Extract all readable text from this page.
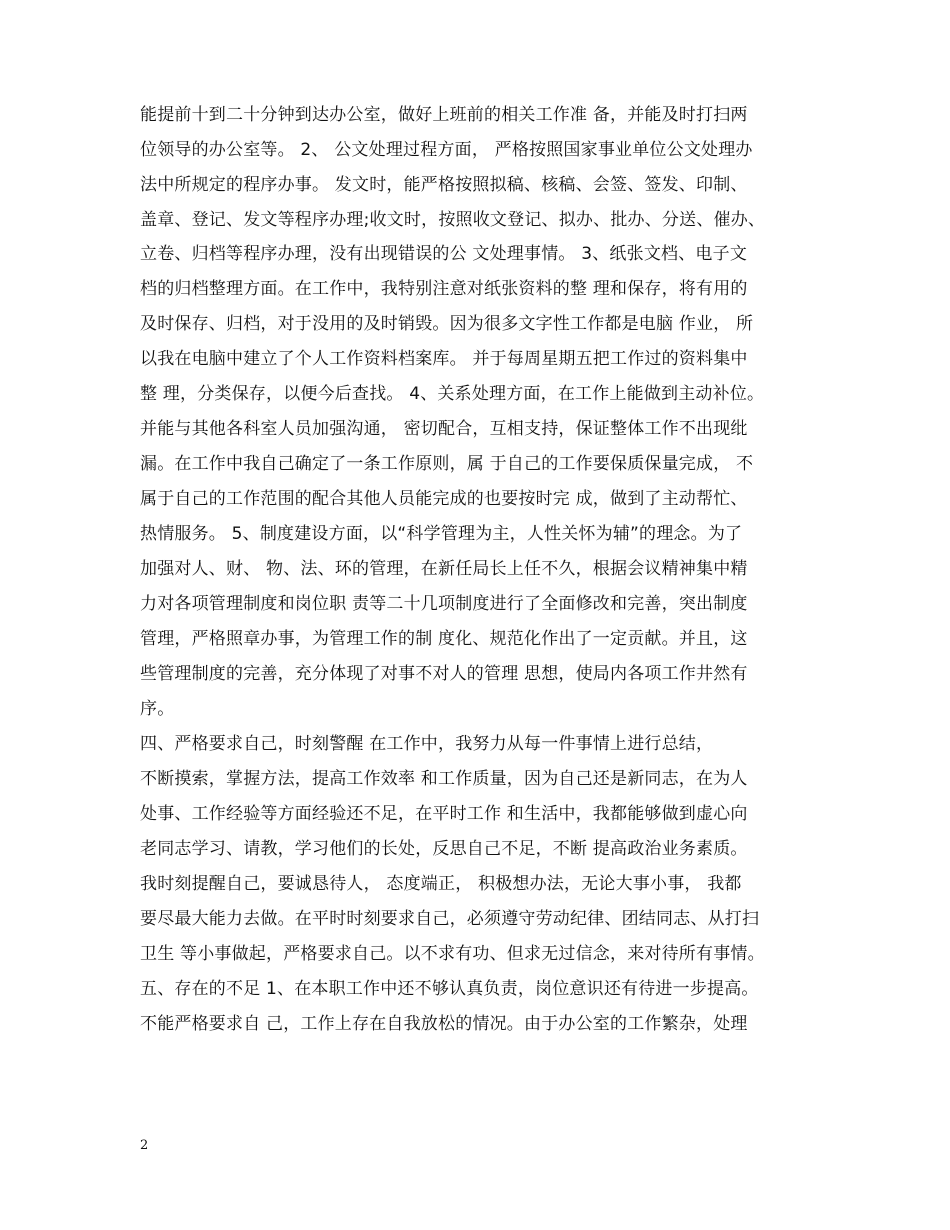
能提前十到二十分钟到达办公室，做好上班前的相关工作准 备，并能及时打扫两
位领导的办公室等。 2、 公文处理过程方面， 严格按照国家事业单位公文处理办
法中所规定的程序办事。 发文时，能严格按照拟稿、核稿、会签、签发、印制、
盖章、登记、发文等程序办理;收文时，按照收文登记、拟办、批办、分送、催办、
立卷、归档等程序办理，没有出现错误的公 文处理事情。 3、纸张文档、电子文
档的归档整理方面。在工作中，我特别注意对纸张资料的整 理和保存，将有用的
及时保存、归档，对于没用的及时销毁。因为很多文字性工作都是电脑 作业， 所
以我在电脑中建立了个人工作资料档案库。 并于每周星期五把工作过的资料集中
整 理，分类保存，以便今后查找。 4、关系处理方面，在工作上能做到主动补位。
并能与其他各科室人员加强沟通， 密切配合，互相支持，保证整体工作不出现纰
漏。在工作中我自己确定了一条工作原则，属 于自己的工作要保质保量完成， 不
属于自己的工作范围的配合其他人员能完成的也要按时完 成，做到了主动帮忙、
热情服务。 5、制度建设方面，以“科学管理为主，人性关怀为辅”的理念。为了
加强对人、财、 物、法、环的管理，在新任局长上任不久，根据会议精神集中精
力对各项管理制度和岗位职 责等二十几项制度进行了全面修改和完善，突出制度
管理，严格照章办事，为管理工作的制 度化、规范化作出了一定贡献。并且，这
些管理制度的完善，充分体现了对事不对人的管理 思想，使局内各项工作井然有
序。
四、严格要求自己，时刻警醒 在工作中，我努力从每一件事情上进行总结，
不断摸索，掌握方法，提高工作效率 和工作质量，因为自己还是新同志，在为人
处事、工作经验等方面经验还不足，在平时工作 和生活中，我都能够做到虚心向
老同志学习、请教，学习他们的长处，反思自己不足，不断 提高政治业务素质。
我时刻提醒自己，要诚恳待人， 态度端正， 积极想办法，无论大事小事， 我都
要尽最大能力去做。在平时时刻要求自己，必须遵守劳动纪律、团结同志、从打扫
卫生 等小事做起，严格要求自己。以不求有功、但求无过信念，来对待所有事情。
五、存在的不足 1、在本职工作中还不够认真负责，岗位意识还有待进一步提高。
不能严格要求自 己，工作上存在自我放松的情况。由于办公室的工作繁杂，处理
2
